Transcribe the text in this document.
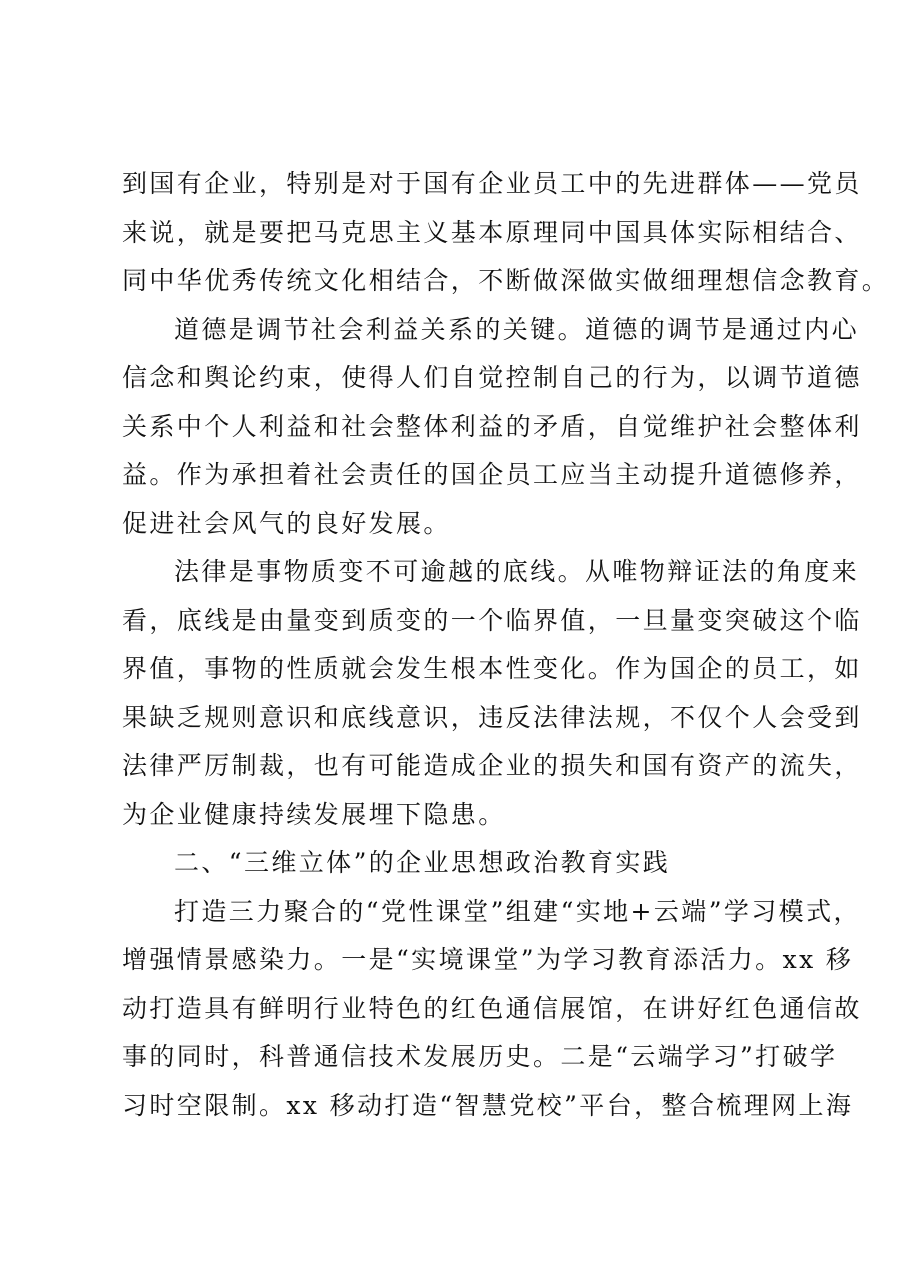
到国有企业，特别是对于国有企业员工中的先进群体——党员
来说，就是要把马克思主义基本原理同中国具体实际相结合、
同中华优秀传统文化相结合，不断做深做实做细理想信念教育。
道德是调节社会利益关系的关键。道德的调节是通过内心
信念和舆论约束，使得人们自觉控制自己的行为，以调节道德
关系中个人利益和社会整体利益的矛盾，自觉维护社会整体利
益。作为承担着社会责任的国企员工应当主动提升道德修养，
促进社会风气的良好发展。
法律是事物质变不可逾越的底线。从唯物辩证法的角度来
看，底线是由量变到质变的一个临界值，一旦量变突破这个临
界值，事物的性质就会发生根本性变化。作为国企的员工，如
果缺乏规则意识和底线意识，违反法律法规，不仅个人会受到
法律严厉制裁，也有可能造成企业的损失和国有资产的流失，
为企业健康持续发展埋下隐患。
二、“三维立体”的企业思想政治教育实践
打造三力聚合的“党性课堂”组建“实地+云端”学习模式，
增强情景感染力。一是“实境课堂”为学习教育添活力。xx 移
动打造具有鲜明行业特色的红色通信展馆，在讲好红色通信故
事的同时，科普通信技术发展历史。二是“云端学习”打破学
习时空限制。xx 移动打造“智慧党校”平台，整合梳理网上海
